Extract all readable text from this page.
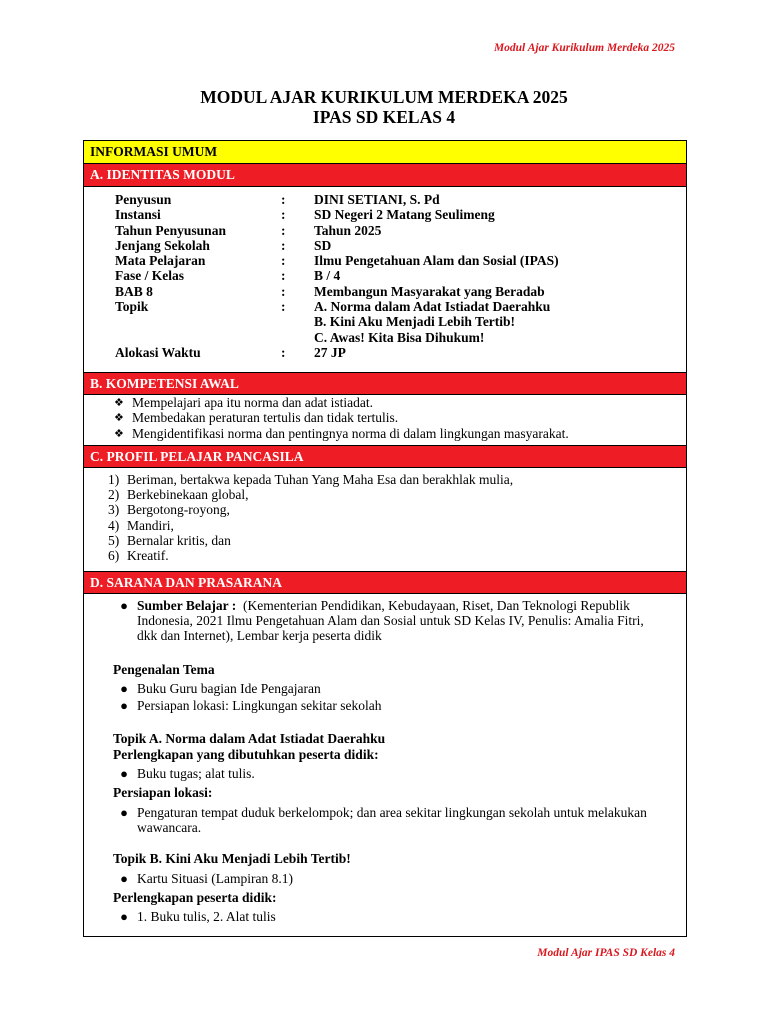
Modul Ajar Kurikulum Merdeka 2025
MODUL AJAR KURIKULUM MERDEKA 2025
IPAS SD KELAS 4
INFORMASI UMUM
A. IDENTITAS MODUL
Penyusun	:	DINI SETIANI, S. Pd
Instansi	:	SD Negeri 2 Matang Seulimeng
Tahun Penyusunan	:	Tahun 2025
Jenjang Sekolah	:	SD
Mata Pelajaran	:	Ilmu Pengetahuan Alam dan Sosial (IPAS)
Fase / Kelas	:	B / 4
BAB 8	:	Membangun Masyarakat yang Beradab
Topik	:	A. Norma dalam Adat Istiadat Daerahku
B. Kini Aku Menjadi Lebih Tertib!
C. Awas! Kita Bisa Dihukum!
Alokasi Waktu	:	27 JP
B. KOMPETENSI AWAL
❖ Mempelajari apa itu norma dan adat istiadat.
❖ Membedakan peraturan tertulis dan tidak tertulis.
❖ Mengidentifikasi norma dan pentingnya norma di dalam lingkungan masyarakat.
C. PROFIL PELAJAR PANCASILA
1) Beriman, bertakwa kepada Tuhan Yang Maha Esa dan berakhlak mulia,
2) Berkebinekaan global,
3) Bergotong-royong,
4) Mandiri,
5) Bernalar kritis, dan
6) Kreatif.
D. SARANA DAN PRASARANA
● Sumber Belajar : (Kementerian Pendidikan, Kebudayaan, Riset, Dan Teknologi Republik Indonesia, 2021 Ilmu Pengetahuan Alam dan Sosial untuk SD Kelas IV, Penulis: Amalia Fitri, dkk dan Internet), Lembar kerja peserta didik
Pengenalan Tema
● Buku Guru bagian Ide Pengajaran
● Persiapan lokasi: Lingkungan sekitar sekolah
Topik A. Norma dalam Adat Istiadat Daerahku
Perlengkapan yang dibutuhkan peserta didik:
● Buku tugas; alat tulis.
Persiapan lokasi:
● Pengaturan tempat duduk berkelompok; dan area sekitar lingkungan sekolah untuk melakukan wawancara.
Topik B. Kini Aku Menjadi Lebih Tertib!
● Kartu Situasi (Lampiran 8.1)
Perlengkapan peserta didik:
● 1. Buku tulis, 2. Alat tulis
Modul Ajar IPAS SD Kelas 4
